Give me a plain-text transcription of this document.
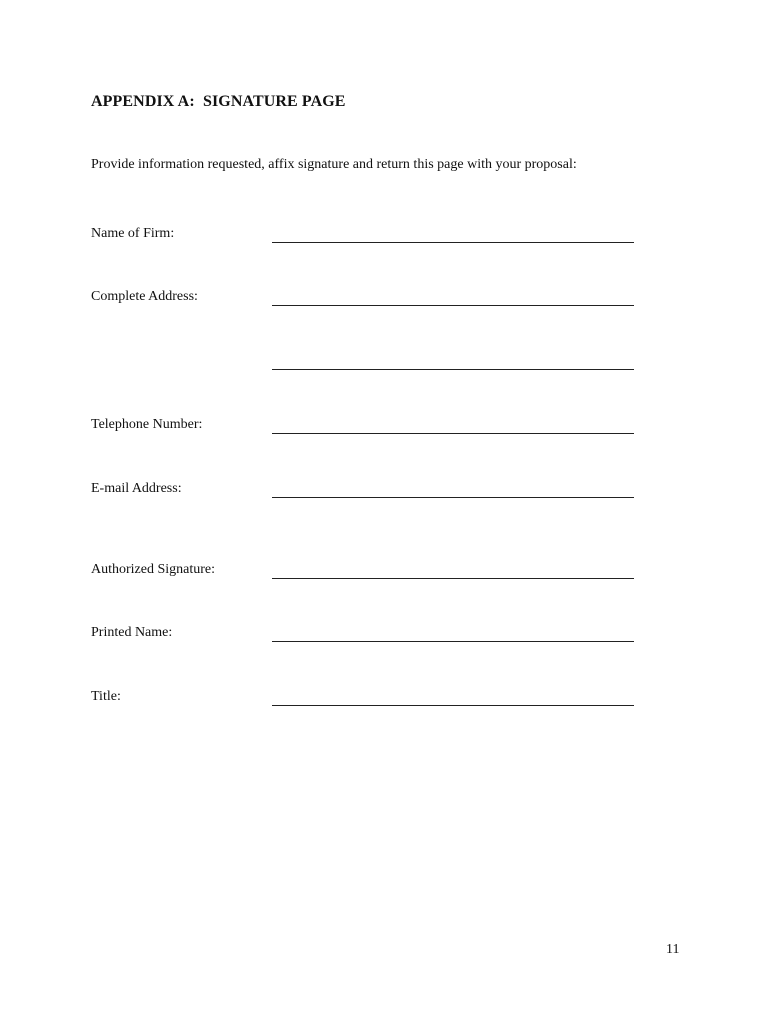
APPENDIX A:  SIGNATURE PAGE
Provide information requested, affix signature and return this page with your proposal:
Name of Firm:
Complete Address:
Telephone Number:
E-mail Address:
Authorized Signature:
Printed Name:
Title:
11
